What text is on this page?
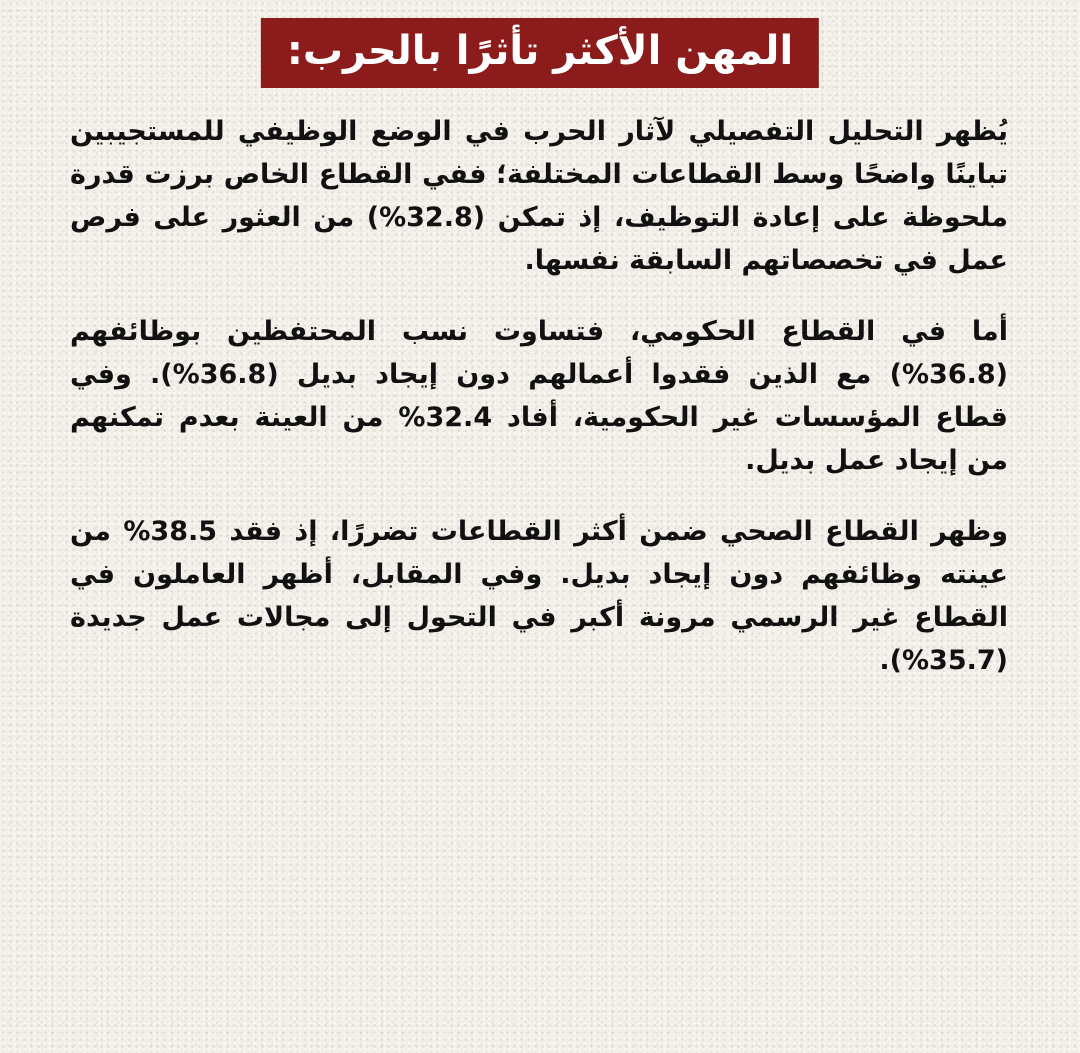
المهن الأكثر تأثرًا بالحرب:

يُظهر التحليل التفصيلي لآثار الحرب في الوضع الوظيفي للمستجيبين تباينًا واضحًا وسط القطاعات المختلفة؛ ففي القطاع الخاص برزت قدرة ملحوظة على إعادة التوظيف، إذ تمكن (32.8%) من العثور على فرص عمل في تخصصاتهم السابقة نفسها.

أما في القطاع الحكومي، فتساوت نسب المحتفظين بوظائفهم (36.8%) مع الذين فقدوا أعمالهم دون إيجاد بديل (36.8%). وفي قطاع المؤسسات غير الحكومية، أفاد 32.4% من العينة بعدم تمكنهم من إيجاد عمل بديل.

وظهر القطاع الصحي ضمن أكثر القطاعات تضررًا، إذ فقد 38.5% من عينته وظائفهم دون إيجاد بديل. وفي المقابل، أظهر العاملون في القطاع غير الرسمي مرونة أكبر في التحول إلى مجالات عمل جديدة (35.7%).
